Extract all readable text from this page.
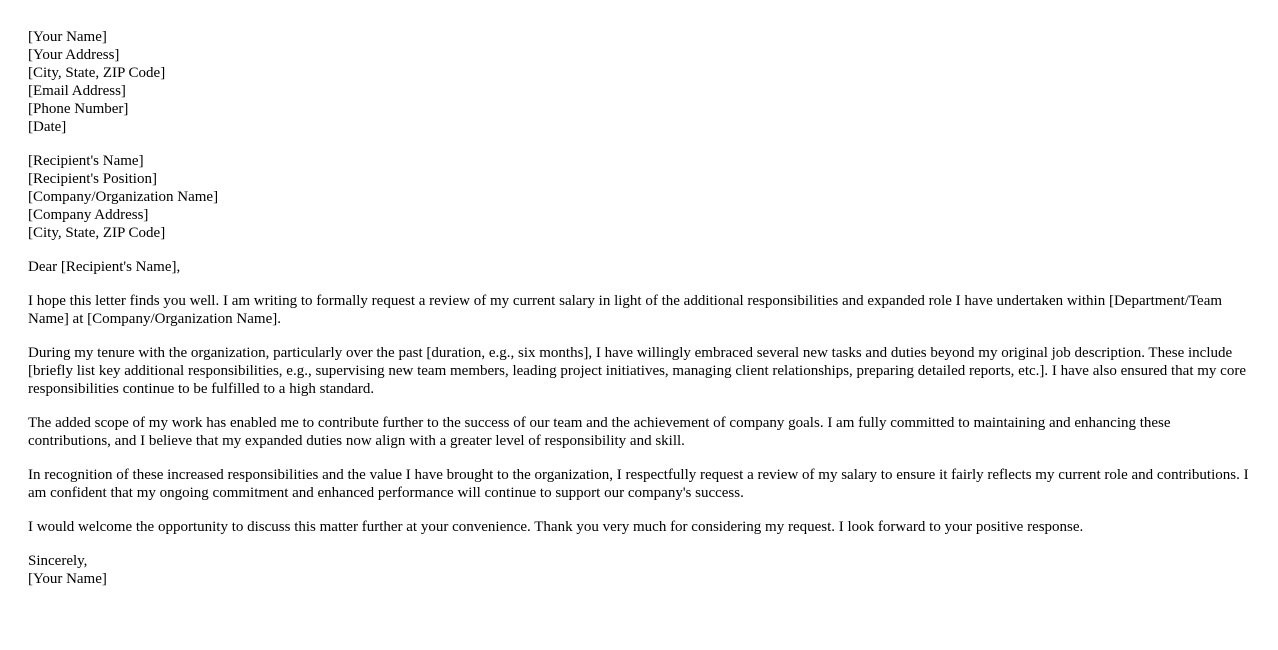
[Your Name]
[Your Address]
[City, State, ZIP Code]
[Email Address]
[Phone Number]
[Date]
[Recipient's Name]
[Recipient's Position]
[Company/Organization Name]
[Company Address]
[City, State, ZIP Code]

Dear [Recipient's Name],

I hope this letter finds you well. I am writing to formally request a review of my current salary in light of the additional responsibilities and expanded role I have undertaken within [Department/Team Name] at [Company/Organization Name].

During my tenure with the organization, particularly over the past [duration, e.g., six months], I have willingly embraced several new tasks and duties beyond my original job description. These include [briefly list key additional responsibilities, e.g., supervising new team members, leading project initiatives, managing client relationships, preparing detailed reports, etc.]. I have also ensured that my core responsibilities continue to be fulfilled to a high standard.

The added scope of my work has enabled me to contribute further to the success of our team and the achievement of company goals. I am fully committed to maintaining and enhancing these contributions, and I believe that my expanded duties now align with a greater level of responsibility and skill.

In recognition of these increased responsibilities and the value I have brought to the organization, I respectfully request a review of my salary to ensure it fairly reflects my current role and contributions. I am confident that my ongoing commitment and enhanced performance will continue to support our company's success.

I would welcome the opportunity to discuss this matter further at your convenience. Thank you very much for considering my request. I look forward to your positive response.

Sincerely,
[Your Name]
